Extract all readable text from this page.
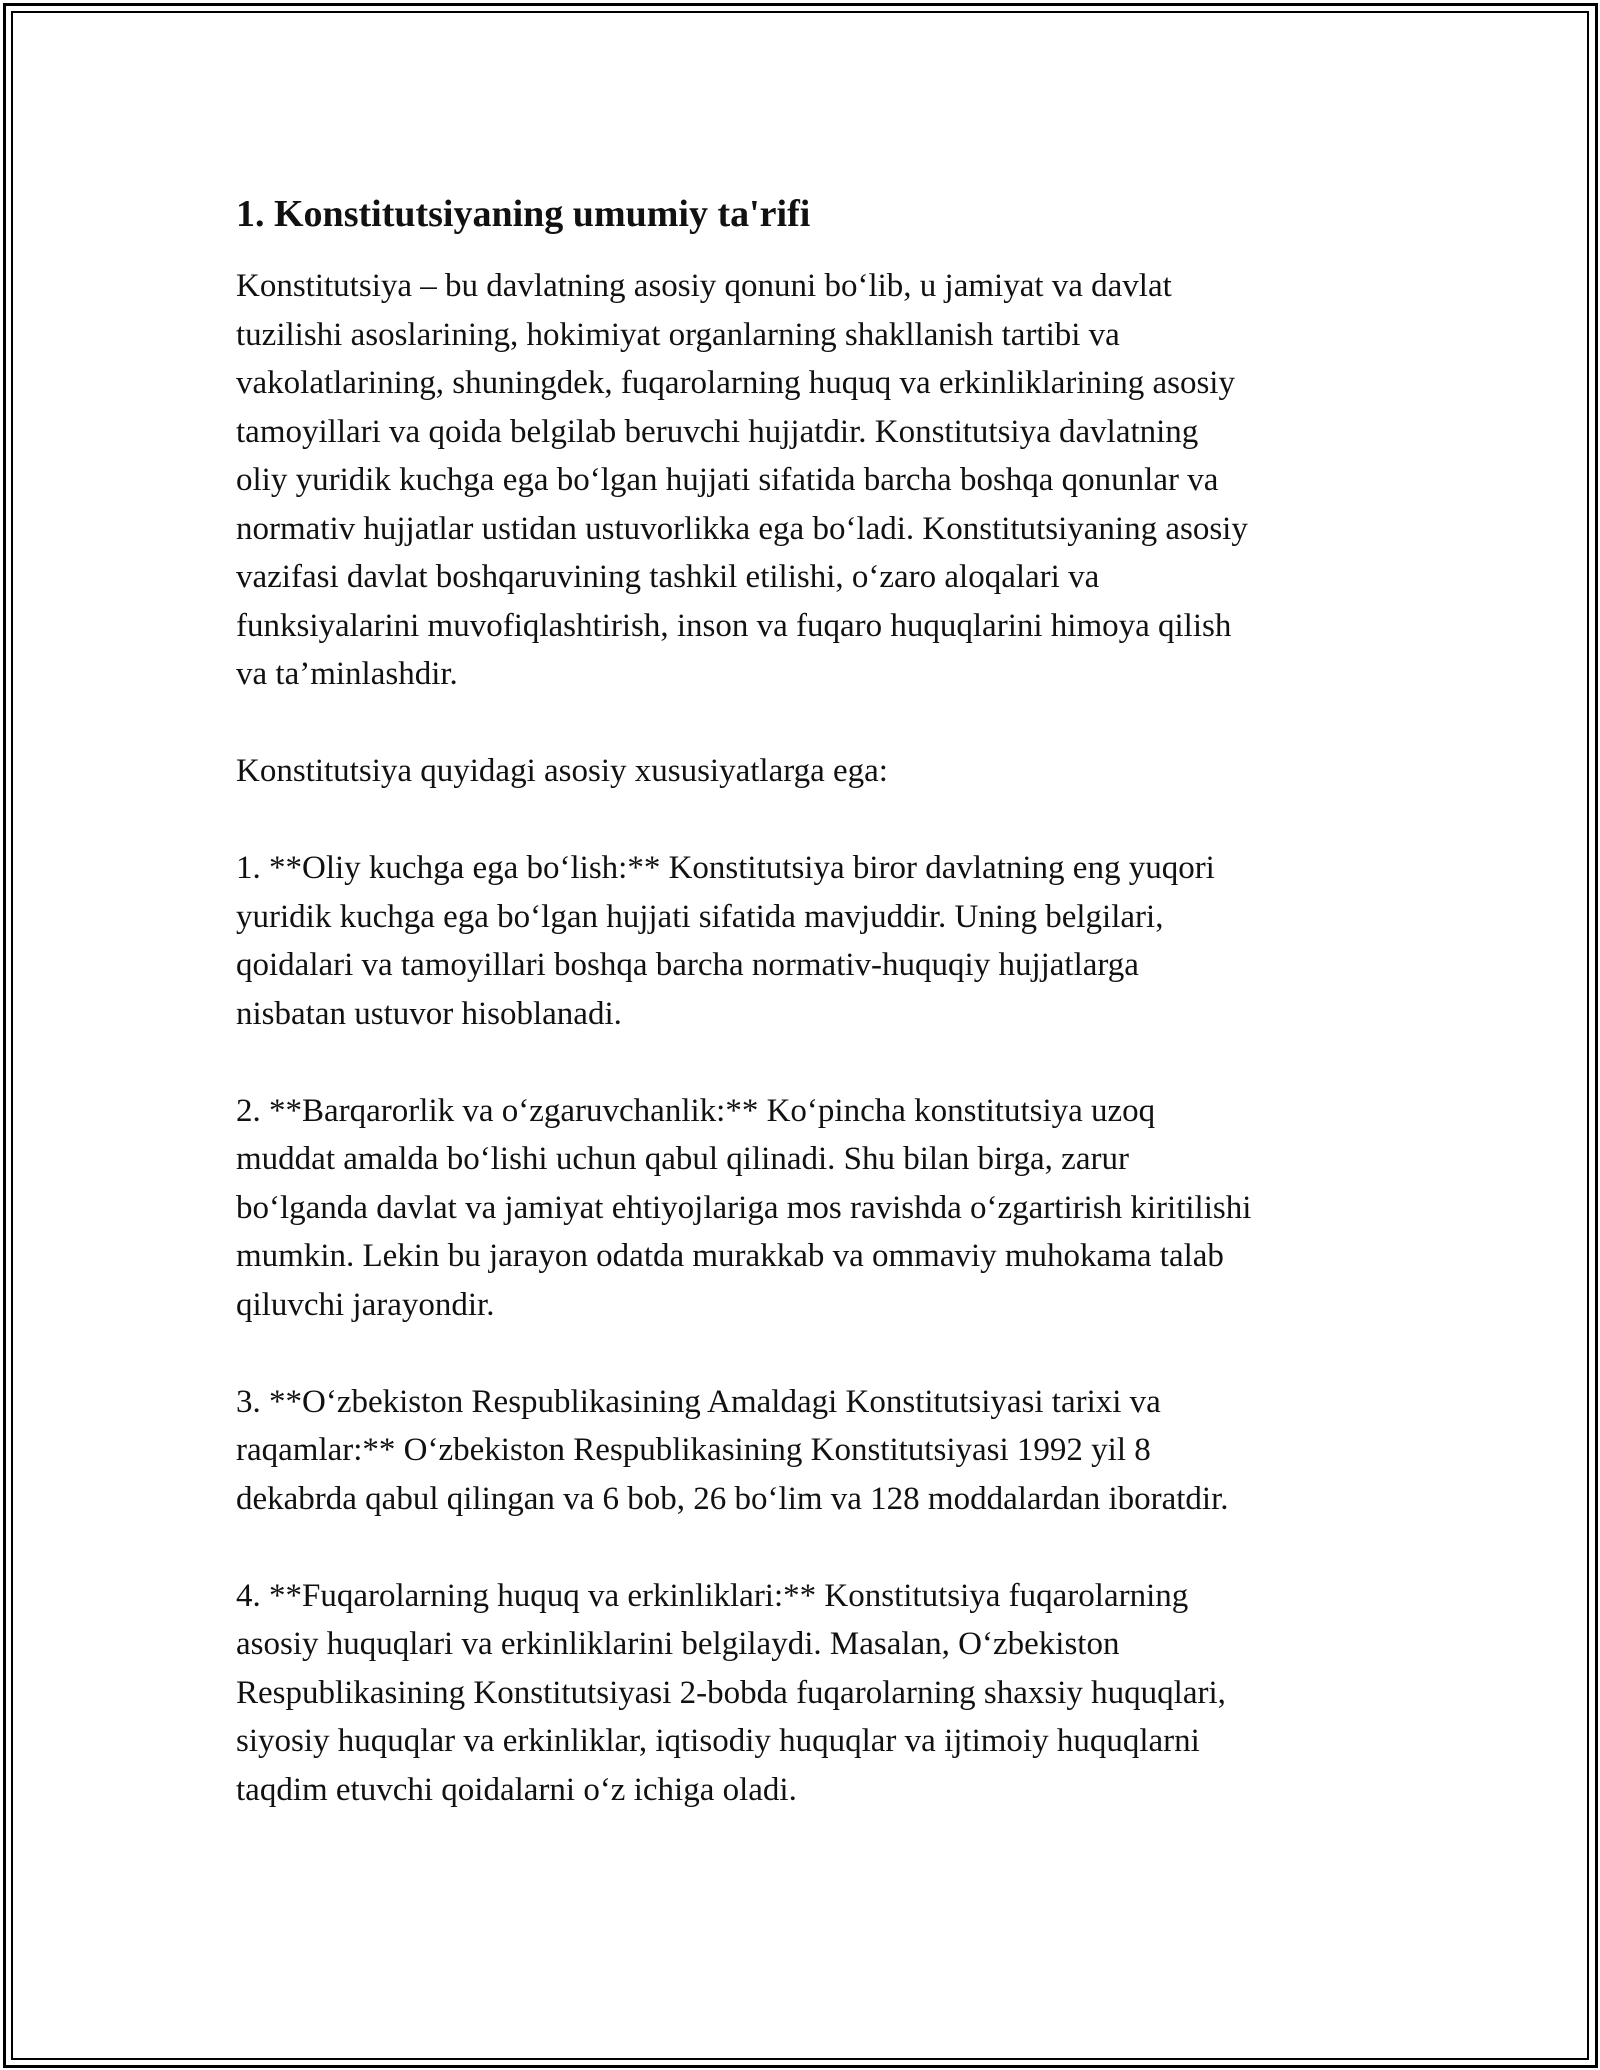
1. Konstitutsiyaning umumiy ta'rifi

Konstitutsiya – bu davlatning asosiy qonuni bo‘lib, u jamiyat va davlat
tuzilishi asoslarining, hokimiyat organlarning shakllanish tartibi va
vakolatlarining, shuningdek, fuqarolarning huquq va erkinliklarining asosiy
tamoyillari va qoida belgilab beruvchi hujjatdir. Konstitutsiya davlatning
oliy yuridik kuchga ega bo‘lgan hujjati sifatida barcha boshqa qonunlar va
normativ hujjatlar ustidan ustuvorlikka ega bo‘ladi. Konstitutsiyaning asosiy
vazifasi davlat boshqaruvining tashkil etilishi, o‘zaro aloqalari va
funksiyalarini muvofiqlashtirish, inson va fuqaro huquqlarini himoya qilish
va ta’minlashdir.

Konstitutsiya quyidagi asosiy xususiyatlarga ega:

1. **Oliy kuchga ega bo‘lish:** Konstitutsiya biror davlatning eng yuqori
yuridik kuchga ega bo‘lgan hujjati sifatida mavjuddir. Uning belgilari,
qoidalari va tamoyillari boshqa barcha normativ-huquqiy hujjatlarga
nisbatan ustuvor hisoblanadi.

2. **Barqarorlik va o‘zgaruvchanlik:** Ko‘pincha konstitutsiya uzoq
muddat amalda bo‘lishi uchun qabul qilinadi. Shu bilan birga, zarur
bo‘lganda davlat va jamiyat ehtiyojlariga mos ravishda o‘zgartirish kiritilishi
mumkin. Lekin bu jarayon odatda murakkab va ommaviy muhokama talab
qiluvchi jarayondir.

3. **O‘zbekiston Respublikasining Amaldagi Konstitutsiyasi tarixi va
raqamlar:** O‘zbekiston Respublikasining Konstitutsiyasi 1992 yil 8
dekabrda qabul qilingan va 6 bob, 26 bo‘lim va 128 moddalardan iboratdir.

4. **Fuqarolarning huquq va erkinliklari:** Konstitutsiya fuqarolarning
asosiy huquqlari va erkinliklarini belgilaydi. Masalan, O‘zbekiston
Respublikasining Konstitutsiyasi 2-bobda fuqarolarning shaxsiy huquqlari,
siyosiy huquqlar va erkinliklar, iqtisodiy huquqlar va ijtimoiy huquqlarni
taqdim etuvchi qoidalarni o‘z ichiga oladi.
